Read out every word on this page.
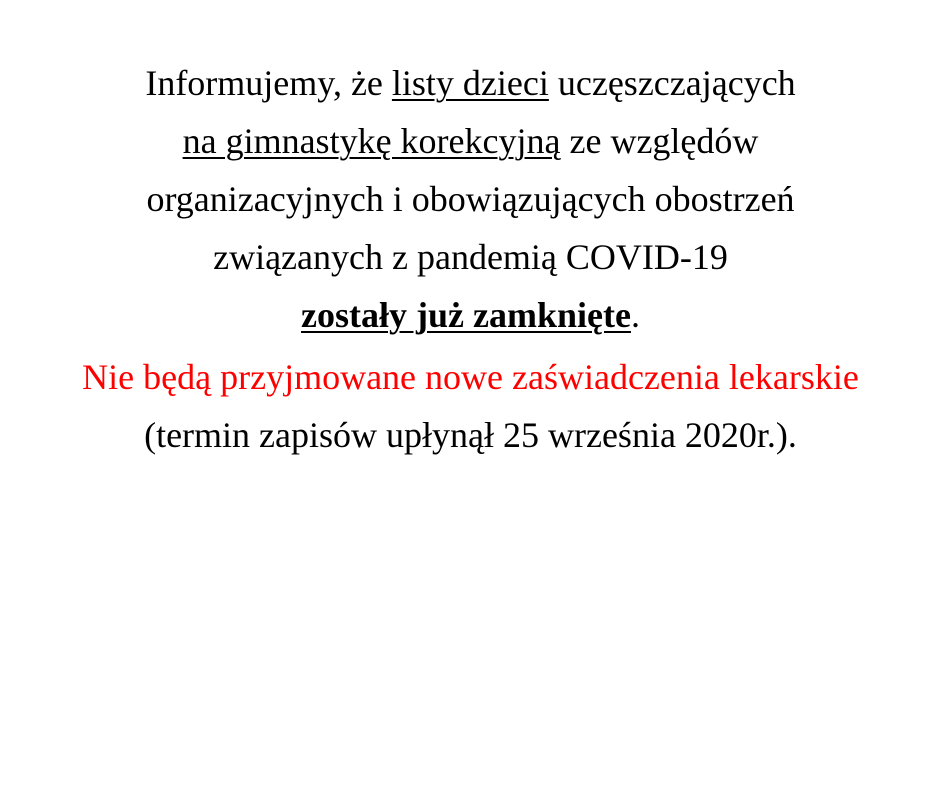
Informujemy, że listy dzieci uczęszczających
na gimnastykę korekcyjną ze względów
organizacyjnych i obowiązujących obostrzeń
związanych z pandemią COVID-19
zostały już zamknięte.
Nie będą przyjmowane nowe zaświadczenia lekarskie
(termin zapisów upłynął 25 września 2020r.).
